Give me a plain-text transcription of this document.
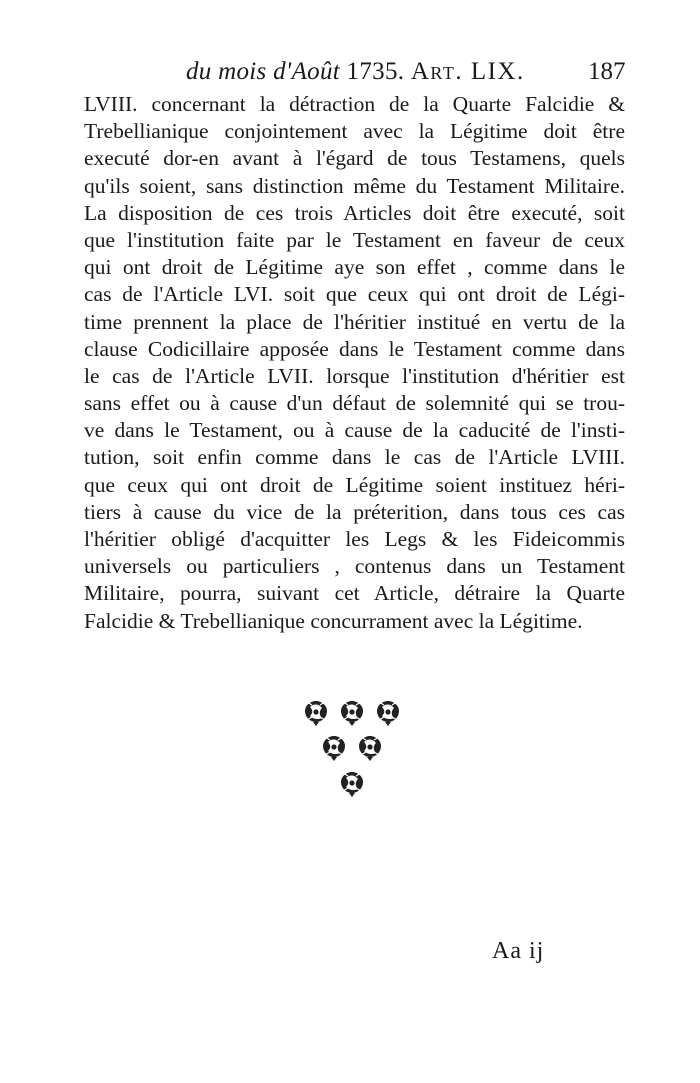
du mois d'Août 1735. Art. LIX.	187
LVIII. concernant la détraction de la Quarte Falcidie &
Trebellianique conjointement avec la Légitime doit être
executé dor-en avant à l'égard de tous Testamens, quels
qu'ils soient, sans distinction même du Testament Militaire.
La disposition de ces trois Articles doit être executé, soit
que l'institution faite par le Testament en faveur de ceux
qui ont droit de Légitime aye son effet , comme dans le
cas de l'Article LVI. soit que ceux qui ont droit de Légi-
time prennent la place de l'héritier institué en vertu de la
clause Codicillaire apposée dans le Testament comme dans
le cas de l'Article LVII. lorsque l'institution d'héritier est
sans effet ou à cause d'un défaut de solemnité qui se trou-
ve dans le Testament, ou à cause de la caducité de l'insti-
tution, soit enfin comme dans le cas de l'Article LVIII.
que ceux qui ont droit de Légitime soient instituez héri-
tiers à cause du vice de la préterition, dans tous ces cas
l'héritier obligé d'acquitter les Legs & les Fideicommis
universels ou particuliers , contenus dans un Testament
Militaire, pourra, suivant cet Article, détraire la Quarte
Falcidie & Trebellianique concurrament avec la Légitime.
Aa ij
